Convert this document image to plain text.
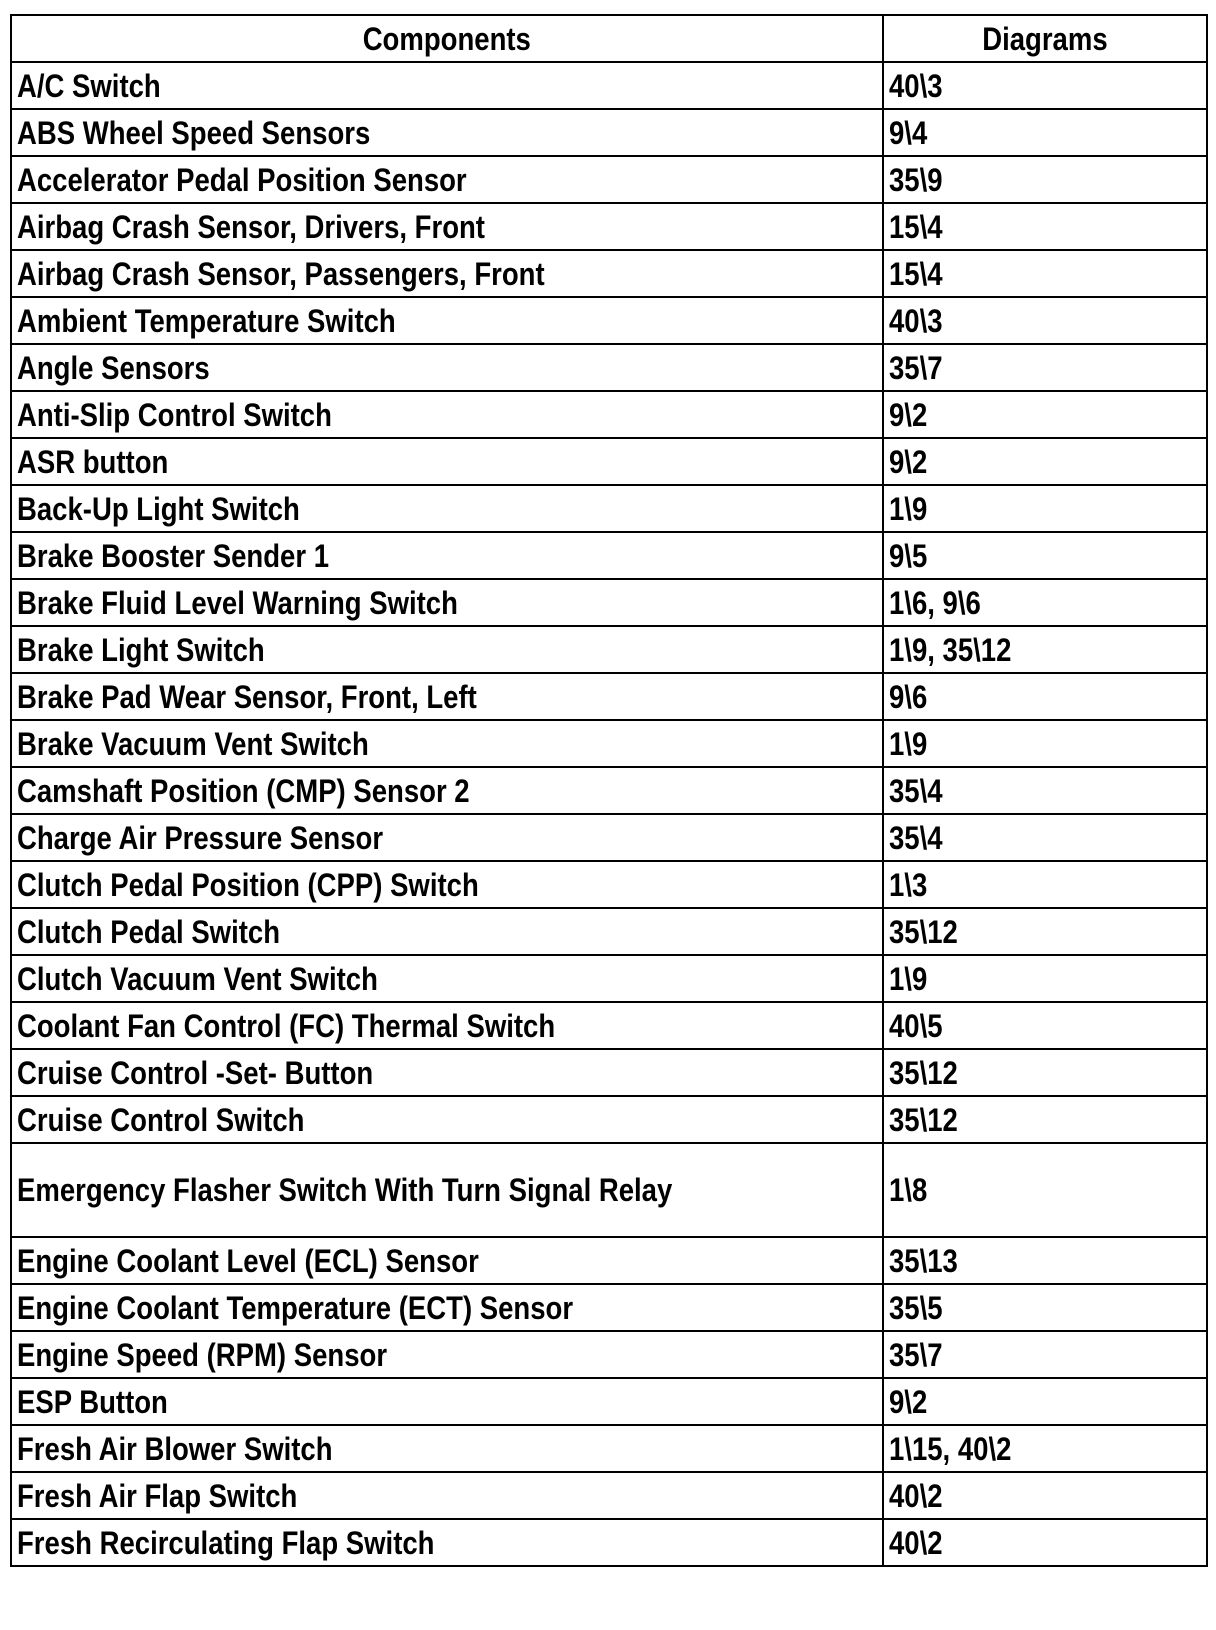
Components	Diagrams
A/C Switch	40\3
ABS Wheel Speed Sensors	9\4
Accelerator Pedal Position Sensor	35\9
Airbag Crash Sensor, Drivers, Front	15\4
Airbag Crash Sensor, Passengers, Front	15\4
Ambient Temperature Switch	40\3
Angle Sensors	35\7
Anti-Slip Control Switch	9\2
ASR button	9\2
Back-Up Light Switch	1\9
Brake Booster Sender 1	9\5
Brake Fluid Level Warning Switch	1\6, 9\6
Brake Light Switch	1\9, 35\12
Brake Pad Wear Sensor, Front, Left	9\6
Brake Vacuum Vent Switch	1\9
Camshaft Position (CMP) Sensor 2	35\4
Charge Air Pressure Sensor	35\4
Clutch Pedal Position (CPP) Switch	1\3
Clutch Pedal Switch	35\12
Clutch Vacuum Vent Switch	1\9
Coolant Fan Control (FC) Thermal Switch	40\5
Cruise Control -Set- Button	35\12
Cruise Control Switch	35\12
Emergency Flasher Switch With Turn Signal Relay	1\8
Engine Coolant Level (ECL) Sensor	35\13
Engine Coolant Temperature (ECT) Sensor	35\5
Engine Speed (RPM) Sensor	35\7
ESP Button	9\2
Fresh Air Blower Switch	1\15, 40\2
Fresh Air Flap Switch	40\2
Fresh Recirculating Flap Switch	40\2
